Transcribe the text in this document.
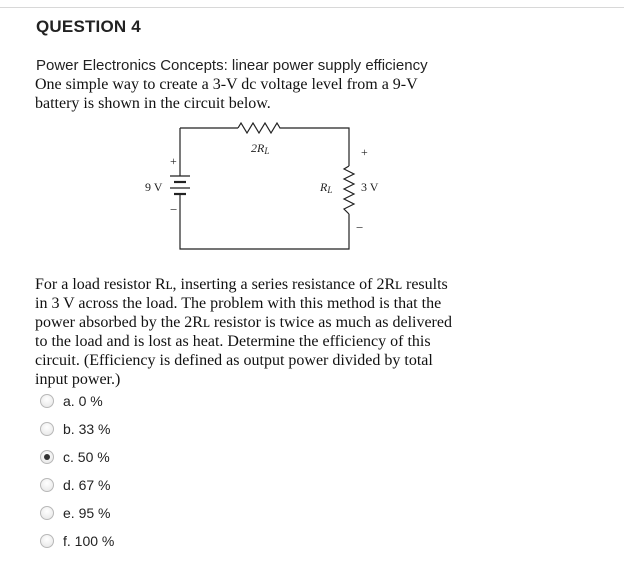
QUESTION 4
Power Electronics Concepts: linear power supply efficiency
One simple way to create a 3-V dc voltage level from a 9-V
battery is shown in the circuit below.
2RL
+
9 V
−
+
RL 3 V
−
For a load resistor Rʟ, inserting a series resistance of 2Rʟ results
in 3 V across the load. The problem with this method is that the
power absorbed by the 2Rʟ resistor is twice as much as delivered
to the load and is lost as heat. Determine the efficiency of this
circuit. (Efficiency is defined as output power divided by total
input power.)
a. 0 %
b. 33 %
c. 50 %
d. 67 %
e. 95 %
f. 100 %
